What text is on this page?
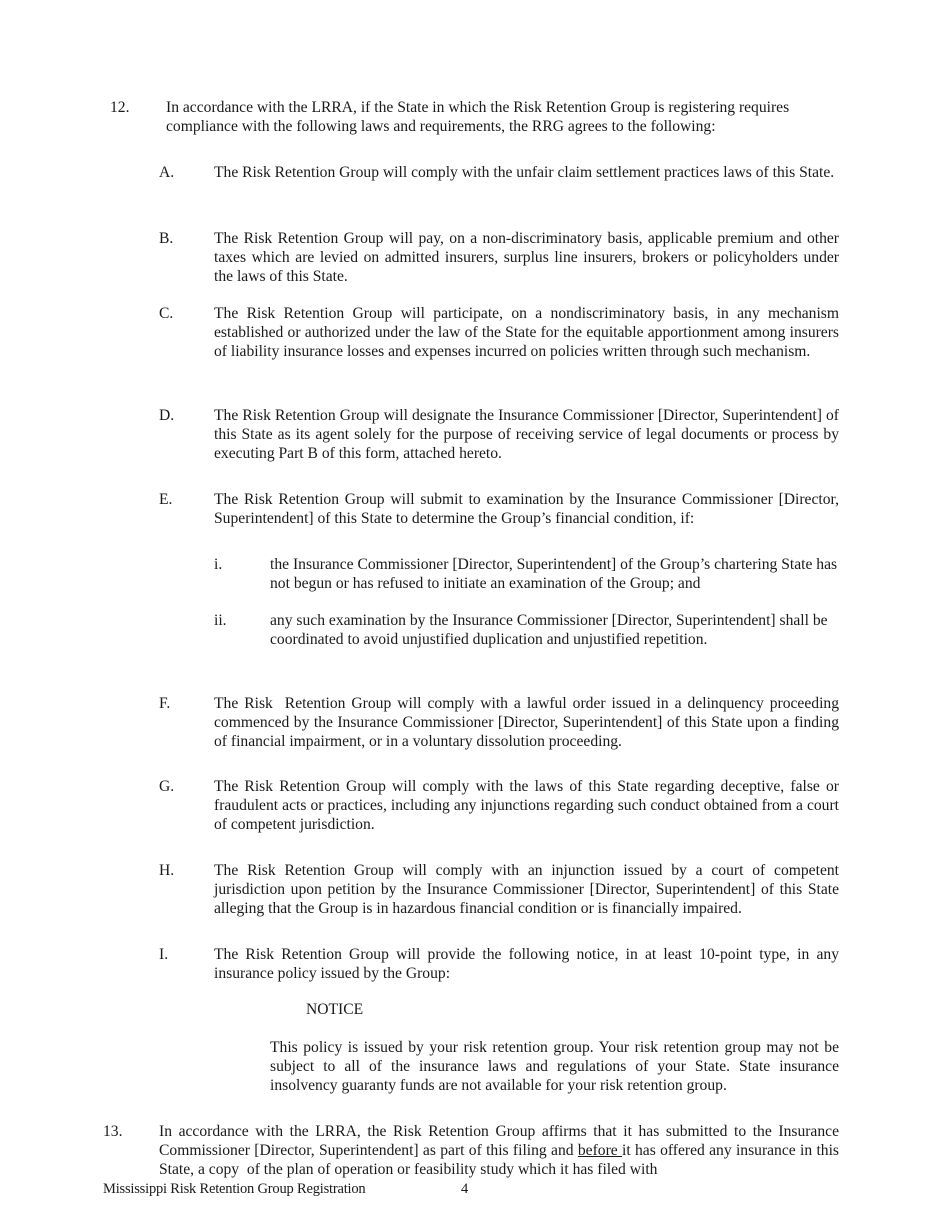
12. In accordance with the LRRA, if the State in which the Risk Retention Group is registering requires compliance with the following laws and requirements, the RRG agrees to the following:
A.	The Risk Retention Group will comply with the unfair claim settlement practices laws of this State.
B.	The Risk Retention Group will pay, on a non-discriminatory basis, applicable premium and other taxes which are levied on admitted insurers, surplus line insurers, brokers or policyholders under the laws of this State.
C.	The Risk Retention Group will participate, on a nondiscriminatory basis, in any mechanism established or authorized under the law of the State for the equitable apportionment among insurers of liability insurance losses and expenses incurred on policies written through such mechanism.
D.	The Risk Retention Group will designate the Insurance Commissioner [Director, Superintendent] of this State as its agent solely for the purpose of receiving service of legal documents or process by executing Part B of this form, attached hereto.
E.	The Risk Retention Group will submit to examination by the Insurance Commissioner [Director, Superintendent] of this State to determine the Group’s financial condition, if:
i.	the Insurance Commissioner [Director, Superintendent] of the Group’s chartering State has not begun or has refused to initiate an examination of the Group; and
ii.	any such examination by the Insurance Commissioner [Director, Superintendent] shall be coordinated to avoid unjustified duplication and unjustified repetition.
F.	The Risk  Retention Group will comply with a lawful order issued in a delinquency proceeding commenced by the Insurance Commissioner [Director, Superintendent] of this State upon a finding of financial impairment, or in a voluntary dissolution proceeding.
G.	The Risk Retention Group will comply with the laws of this State regarding deceptive, false or fraudulent acts or practices, including any injunctions regarding such conduct obtained from a court of competent jurisdiction.
H.	The Risk Retention Group will comply with an injunction issued by a court of competent jurisdiction upon petition by the Insurance Commissioner [Director, Superintendent] of this State alleging that the Group is in hazardous financial condition or is financially impaired.
I.	The Risk Retention Group will provide the following notice, in at least 10-point type, in any insurance policy issued by the Group:
NOTICE
This policy is issued by your risk retention group. Your risk retention group may not be subject to all of the insurance laws and regulations of your State. State insurance insolvency guaranty funds are not available for your risk retention group.
13. In accordance with the LRRA, the Risk Retention Group affirms that it has submitted to the Insurance Commissioner [Director, Superintendent] as part of this filing and before it has offered any insurance in this State, a copy  of the plan of operation or feasibility study which it has filed with
Mississippi Risk Retention Group Registration	4
